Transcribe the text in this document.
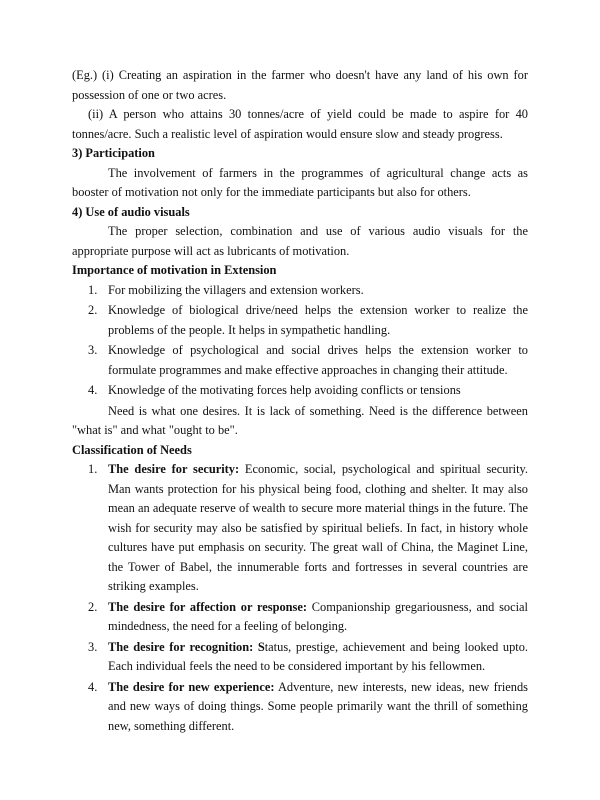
(Eg.) (i) Creating an aspiration in the farmer who doesn't have any land of his own for possession of one or two acres.

(ii) A person who attains 30 tonnes/acre of yield could be made to aspire for 40 tonnes/acre. Such a realistic level of aspiration would ensure slow and steady progress.

3) Participation

The involvement of farmers in the programmes of agricultural change acts as booster of motivation not only for the immediate participants but also for others.

4) Use of audio visuals

The proper selection, combination and use of various audio visuals for the appropriate purpose will act as lubricants of motivation.

Importance of motivation in Extension

1. For mobilizing the villagers and extension workers.
2. Knowledge of biological drive/need helps the extension worker to realize the problems of the people. It helps in sympathetic handling.
3. Knowledge of psychological and social drives helps the extension worker to formulate programmes and make effective approaches in changing their attitude.
4. Knowledge of the motivating forces help avoiding conflicts or tensions

Need is what one desires. It is lack of something. Need is the difference between "what is" and what "ought to be".

Classification of Needs

1. The desire for security: Economic, social, psychological and spiritual security. Man wants protection for his physical being food, clothing and shelter. It may also mean an adequate reserve of wealth to secure more material things in the future. The wish for security may also be satisfied by spiritual beliefs. In fact, in history whole cultures have put emphasis on security. The great wall of China, the Maginet Line, the Tower of Babel, the innumerable forts and fortresses in several countries are striking examples.
2. The desire for affection or response: Companionship gregariousness, and social mindedness, the need for a feeling of belonging.
3. The desire for recognition: Status, prestige, achievement and being looked upto. Each individual feels the need to be considered important by his fellowmen.
4. The desire for new experience: Adventure, new interests, new ideas, new friends and new ways of doing things. Some people primarily want the thrill of something new, something different.
